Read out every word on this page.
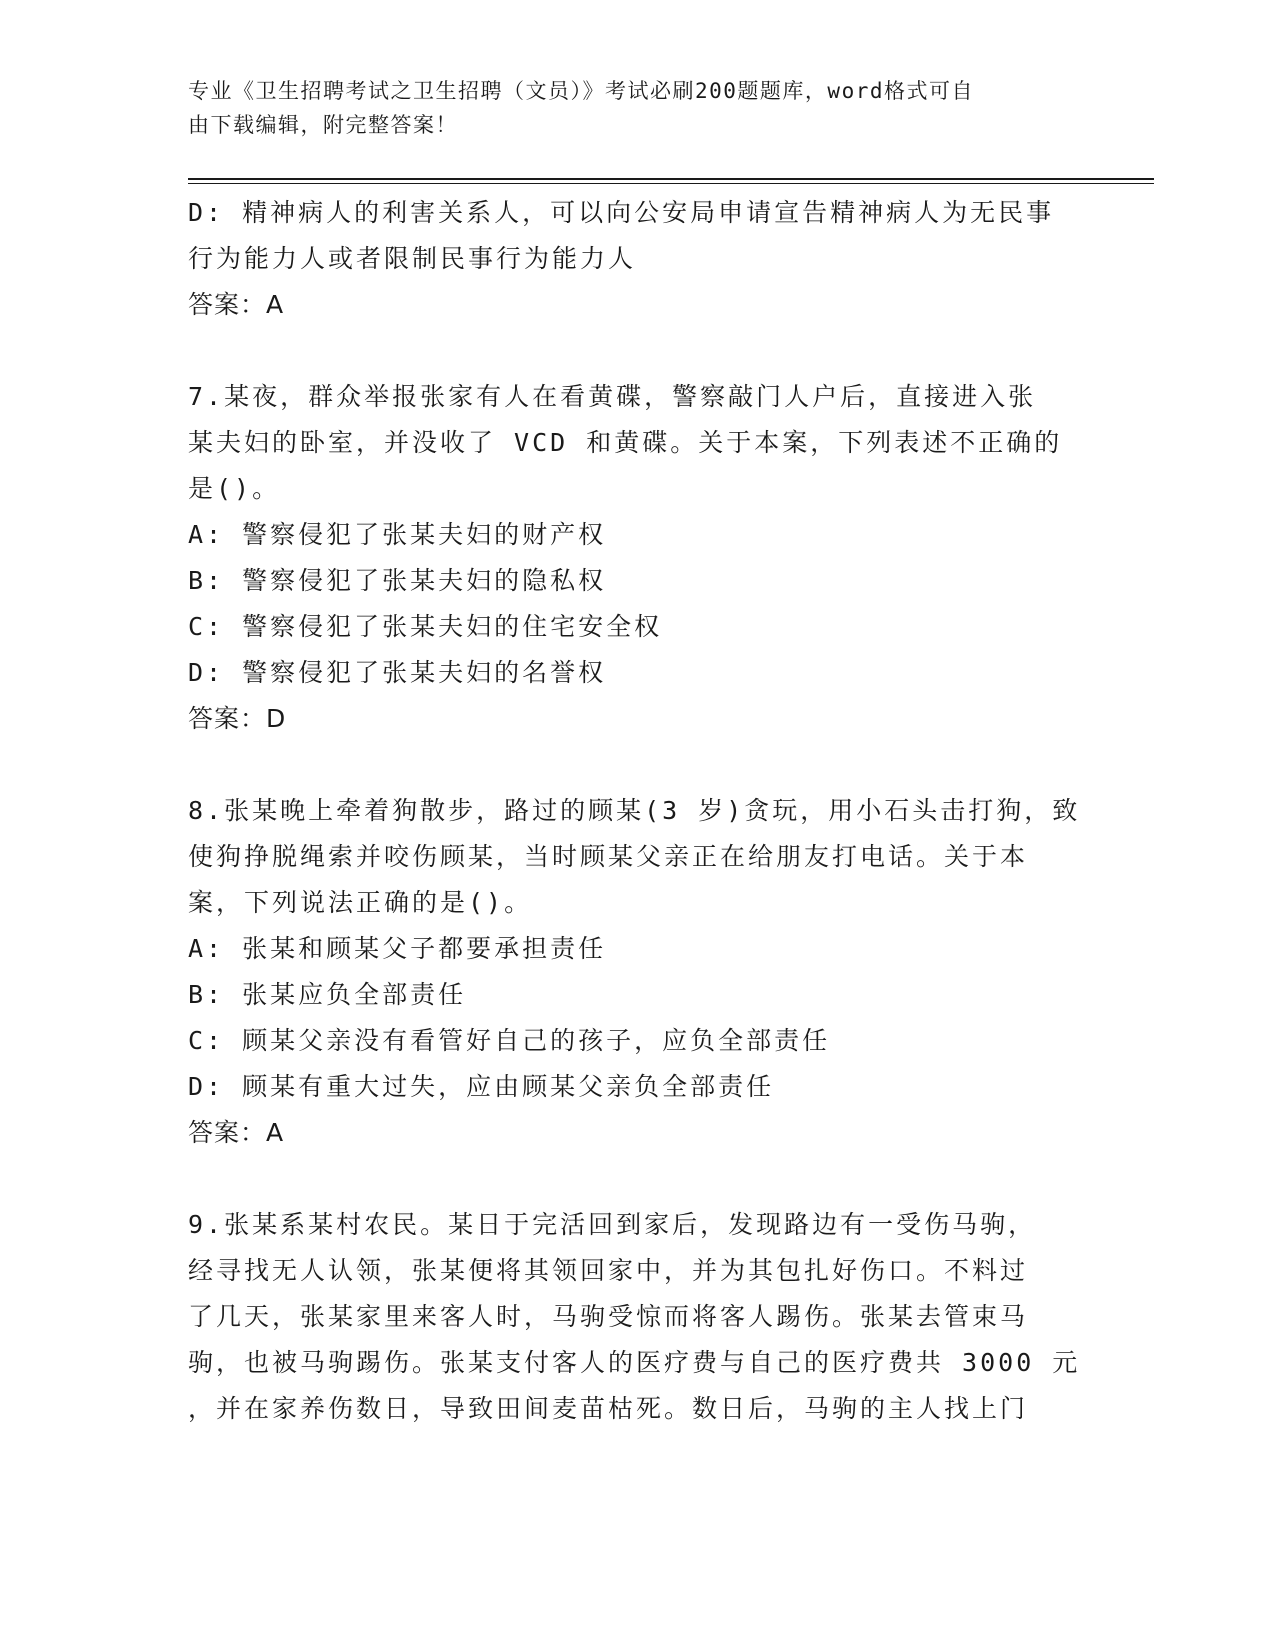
专业《卫生招聘考试之卫生招聘（文员）》考试必刷200题题库，word格式可自
由下载编辑，附完整答案！
D: 精神病人的利害关系人，可以向公安局申请宣告精神病人为无民事
行为能力人或者限制民事行为能力人
答案：A
7.某夜，群众举报张家有人在看黄碟，警察敲门人户后，直接进入张
某夫妇的卧室，并没收了 VCD 和黄碟。关于本案，下列表述不正确的
是()。
A: 警察侵犯了张某夫妇的财产权
B: 警察侵犯了张某夫妇的隐私权
C: 警察侵犯了张某夫妇的住宅安全权
D: 警察侵犯了张某夫妇的名誉权
答案：D
8.张某晚上牵着狗散步，路过的顾某(3 岁)贪玩，用小石头击打狗，致
使狗挣脱绳索并咬伤顾某，当时顾某父亲正在给朋友打电话。关于本
案，下列说法正确的是()。
A: 张某和顾某父子都要承担责任
B: 张某应负全部责任
C: 顾某父亲没有看管好自己的孩子，应负全部责任
D: 顾某有重大过失，应由顾某父亲负全部责任
答案：A
9.张某系某村农民。某日于完活回到家后，发现路边有一受伤马驹，
经寻找无人认领，张某便将其领回家中，并为其包扎好伤口。不料过
了几天，张某家里来客人时，马驹受惊而将客人踢伤。张某去管束马
驹，也被马驹踢伤。张某支付客人的医疗费与自己的医疗费共 3000 元
，并在家养伤数日，导致田间麦苗枯死。数日后，马驹的主人找上门
